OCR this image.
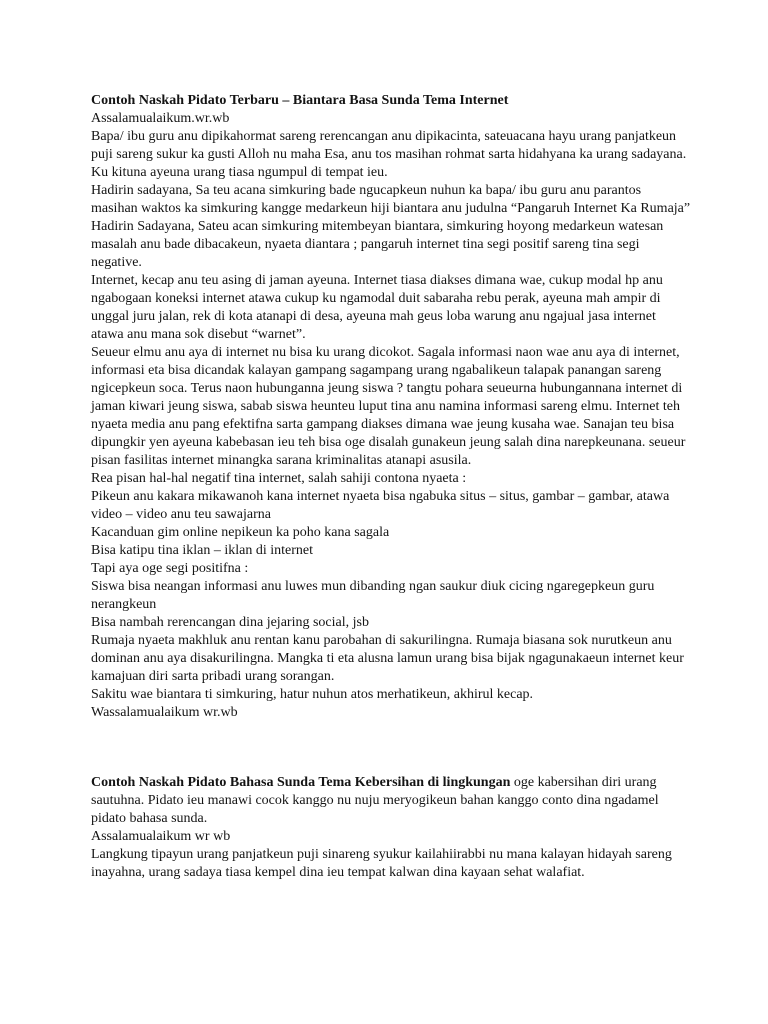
Contoh Naskah Pidato Terbaru – Biantara Basa Sunda Tema Internet

Assalamualaikum.wr.wb

Bapa/ ibu guru anu dipikahormat sareng rerencangan anu dipikacinta, sateuacana hayu urang panjatkeun puji sareng sukur ka gusti Alloh nu maha Esa, anu tos masihan rohmat sarta hidahyana ka urang sadayana. Ku kituna ayeuna urang tiasa ngumpul di tempat ieu.

Hadirin sadayana, Sa teu acana simkuring bade ngucapkeun nuhun ka bapa/ ibu guru anu parantos masihan waktos ka simkuring kangge medarkeun hiji biantara anu judulna “Pangaruh Internet Ka Rumaja”

Hadirin Sadayana, Sateu acan simkuring mitembeyan biantara, simkuring hoyong medarkeun watesan masalah anu bade dibacakeun, nyaeta diantara ; pangaruh internet tina segi positif sareng tina segi negative.

Internet, kecap anu teu asing di jaman ayeuna. Internet tiasa diakses dimana wae, cukup modal hp anu ngabogaan koneksi internet atawa cukup ku ngamodal duit sabaraha rebu perak, ayeuna mah ampir di unggal juru jalan, rek di kota atanapi di desa, ayeuna mah geus loba warung anu ngajual jasa internet atawa anu mana sok disebut “warnet”.

Seueur elmu anu aya di internet nu bisa ku urang dicokot. Sagala informasi naon wae anu aya di internet, informasi eta bisa dicandak kalayan gampang sagampang urang ngabalikeun talapak panangan sareng ngicepkeun soca. Terus naon hubunganna jeung siswa ? tangtu pohara seueurna hubungannana internet di jaman kiwari jeung siswa, sabab siswa heunteu luput tina anu namina informasi sareng elmu. Internet teh nyaeta media anu pang efektifna sarta gampang diakses dimana wae jeung kusaha wae. Sanajan teu bisa dipungkir yen ayeuna kabebasan ieu teh bisa oge disalah gunakeun jeung salah dina narepkeunana. seueur pisan fasilitas internet minangka sarana kriminalitas atanapi asusila.

Rea pisan hal-hal negatif tina internet, salah sahiji contona nyaeta :

Pikeun anu kakara mikawanoh kana internet nyaeta bisa ngabuka situs – situs, gambar – gambar, atawa video – video anu teu sawajarna

Kacanduan gim online nepikeun ka poho kana sagala

Bisa katipu tina iklan – iklan di internet

Tapi aya oge segi positifna :

Siswa bisa neangan informasi anu luwes mun dibanding ngan saukur diuk cicing ngaregepkeun guru nerangkeun

Bisa nambah rerencangan dina jejaring social, jsb

Rumaja nyaeta makhluk anu rentan kanu parobahan di sakurilingna. Rumaja biasana sok nurutkeun anu dominan anu aya disakurilingna. Mangka ti eta alusna lamun urang bisa bijak ngagunakaeun internet keur kamajuan diri sarta pribadi urang sorangan.

Sakitu wae biantara ti simkuring, hatur nuhun atos merhatikeun, akhirul kecap.

Wassalamualaikum wr.wb

Contoh Naskah Pidato Bahasa Sunda Tema Kebersihan di lingkungan oge kabersihan diri urang sautuhna. Pidato ieu manawi cocok kanggo nu nuju meryogikeun bahan kanggo conto dina ngadamel pidato bahasa sunda.

Assalamualaikum wr wb

Langkung tipayun urang panjatkeun puji sinareng syukur kailahiirabbi nu mana kalayan hidayah sareng inayahna, urang sadaya tiasa kempel dina ieu tempat kalwan dina kayaan sehat walafiat.
